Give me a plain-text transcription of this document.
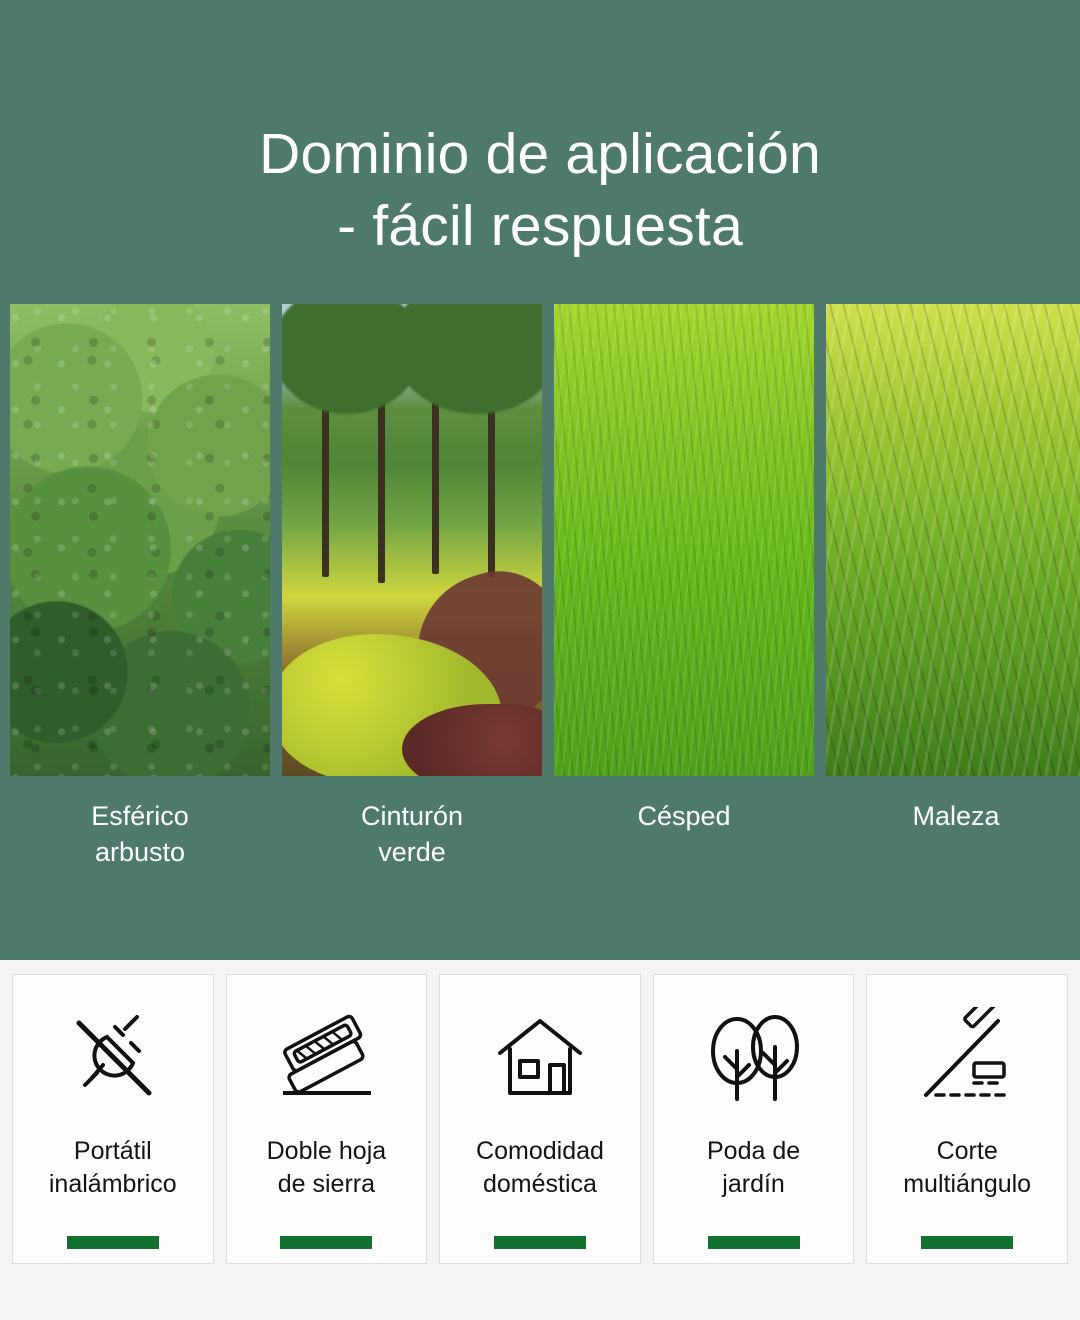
Dominio de aplicación
- fácil respuesta
Esférico
arbusto
Cinturón
verde
Césped	Maleza
Portátil
inalámbrico
Doble hoja
de sierra
Comodidad
doméstica
Poda de
jardín
Corte
multiángulo
